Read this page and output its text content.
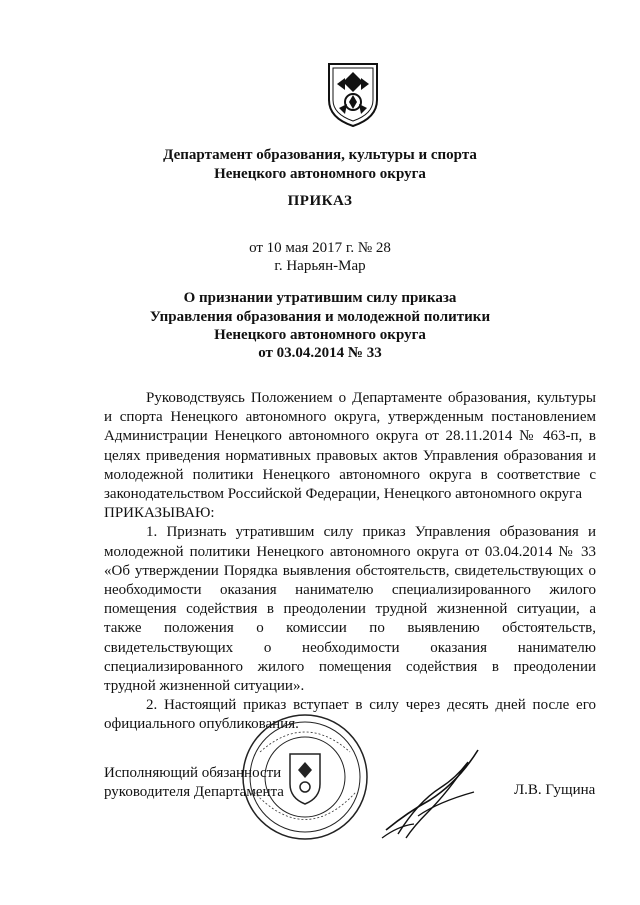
Департамент образования, культуры и спорта
Ненецкого автономного округа
ПРИКАЗ
от 10 мая 2017 г. № 28
г. Нарьян-Мар
О признании утратившим силу приказа
Управления образования и молодежной политики
Ненецкого автономного округа
от 03.04.2014 № 33

Руководствуясь Положением о Департаменте образования, культуры и спорта Ненецкого автономного округа, утвержденным постановлением Администрации Ненецкого автономного округа от 28.11.2014 № 463-п, в целях приведения нормативных правовых актов Управления образования и молодежной политики Ненецкого автономного округа в соответствие с законодательством Российской Федерации, Ненецкого автономного округа

ПРИКАЗЫВАЮ:

1. Признать утратившим силу приказ Управления образования и молодежной политики Ненецкого автономного округа от 03.04.2014 № 33 «Об утверждении Порядка выявления обстоятельств, свидетельствующих о необходимости оказания нанимателю специализированного жилого помещения содействия в преодолении трудной жизненной ситуации, а также положения о комиссии по выявлению обстоятельств, свидетельствующих о необходимости оказания нанимателю специализированного жилого помещения содействия в преодолении трудной жизненной ситуации».

2. Настоящий приказ вступает в силу через десять дней после его официального опубликования.

Исполняющий обязанности
руководителя Департамента	Л.В. Гущина
